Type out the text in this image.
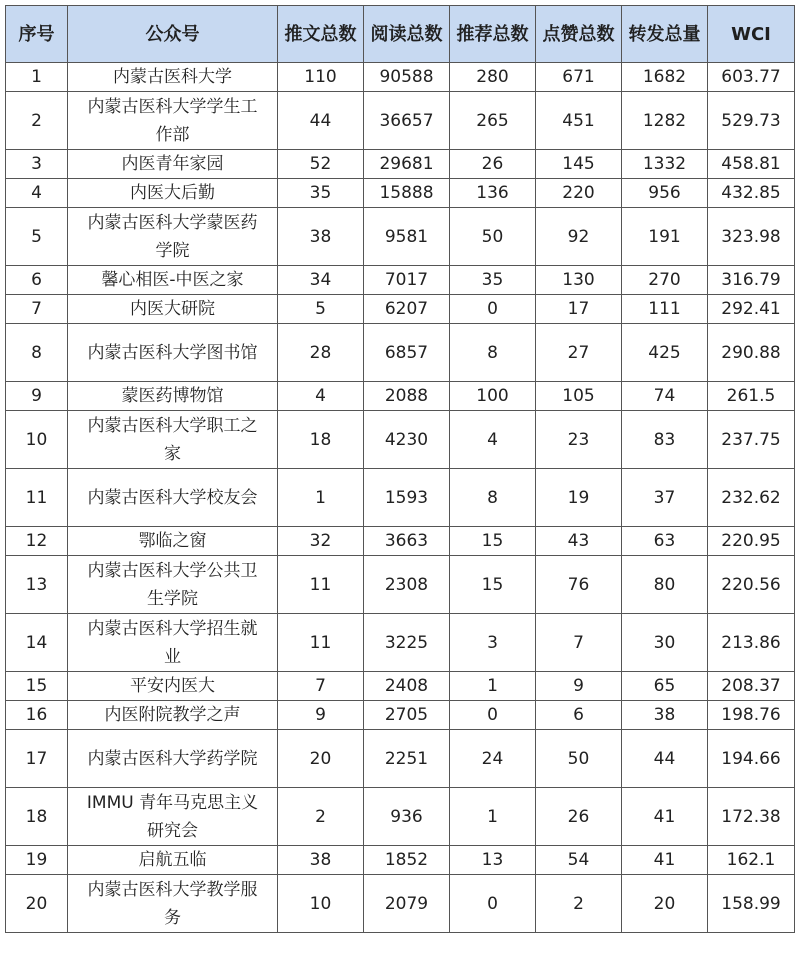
序号	公众号	推文总数	阅读总数	推荐总数	点赞总数	转发总量	WCI
1	内蒙古医科大学	110	90588	280	671	1682	603.77
2	内蒙古医科大学学生工作部	44	36657	265	451	1282	529.73
3	内医青年家园	52	29681	26	145	1332	458.81
4	内医大后勤	35	15888	136	220	956	432.85
5	内蒙古医科大学蒙医药学院	38	9581	50	92	191	323.98
6	馨心相医-中医之家	34	7017	35	130	270	316.79
7	内医大研院	5	6207	0	17	111	292.41
8	内蒙古医科大学图书馆	28	6857	8	27	425	290.88
9	蒙医药博物馆	4	2088	100	105	74	261.5
10	内蒙古医科大学职工之家	18	4230	4	23	83	237.75
11	内蒙古医科大学校友会	1	1593	8	19	37	232.62
12	鄂临之窗	32	3663	15	43	63	220.95
13	内蒙古医科大学公共卫生学院	11	2308	15	76	80	220.56
14	内蒙古医科大学招生就业	11	3225	3	7	30	213.86
15	平安内医大	7	2408	1	9	65	208.37
16	内医附院教学之声	9	2705	0	6	38	198.76
17	内蒙古医科大学药学院	20	2251	24	50	44	194.66
18	IMMU 青年马克思主义研究会	2	936	1	26	41	172.38
19	启航五临	38	1852	13	54	41	162.1
20	内蒙古医科大学教学服务	10	2079	0	2	20	158.99
